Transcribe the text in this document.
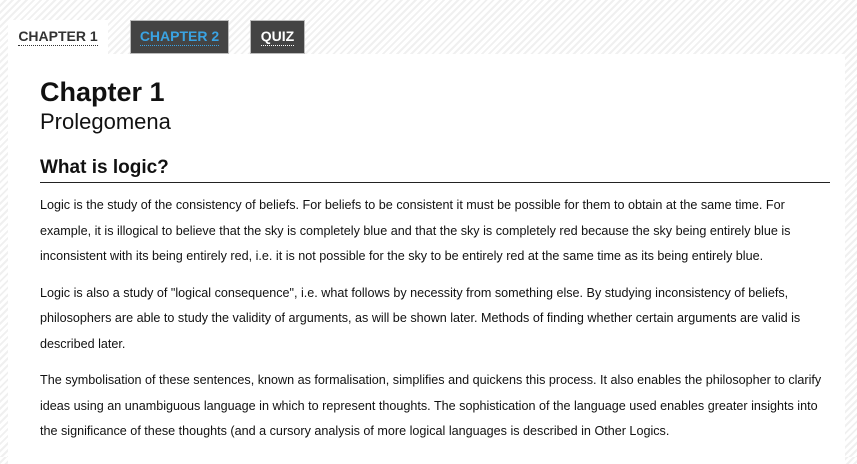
CHAPTER 1	CHAPTER 2	QUIZ
Chapter 1
Prolegomena
What is logic?

Logic is the study of the consistency of beliefs. For beliefs to be consistent it must be possible for them to obtain at the same time. For example, it is illogical to believe that the sky is completely blue and that the sky is completely red because the sky being entirely blue is inconsistent with its being entirely red, i.e. it is not possible for the sky to be entirely red at the same time as its being entirely blue.

Logic is also a study of "logical consequence", i.e. what follows by necessity from something else. By studying inconsistency of beliefs, philosophers are able to study the validity of arguments, as will be shown later. Methods of finding whether certain arguments are valid is described later.

The symbolisation of these sentences, known as formalisation, simplifies and quickens this process. It also enables the philosopher to clarify ideas using an unambiguous language in which to represent thoughts. The sophistication of the language used enables greater insights into the significance of these thoughts (and a cursory analysis of more logical languages is described in Other Logics.
